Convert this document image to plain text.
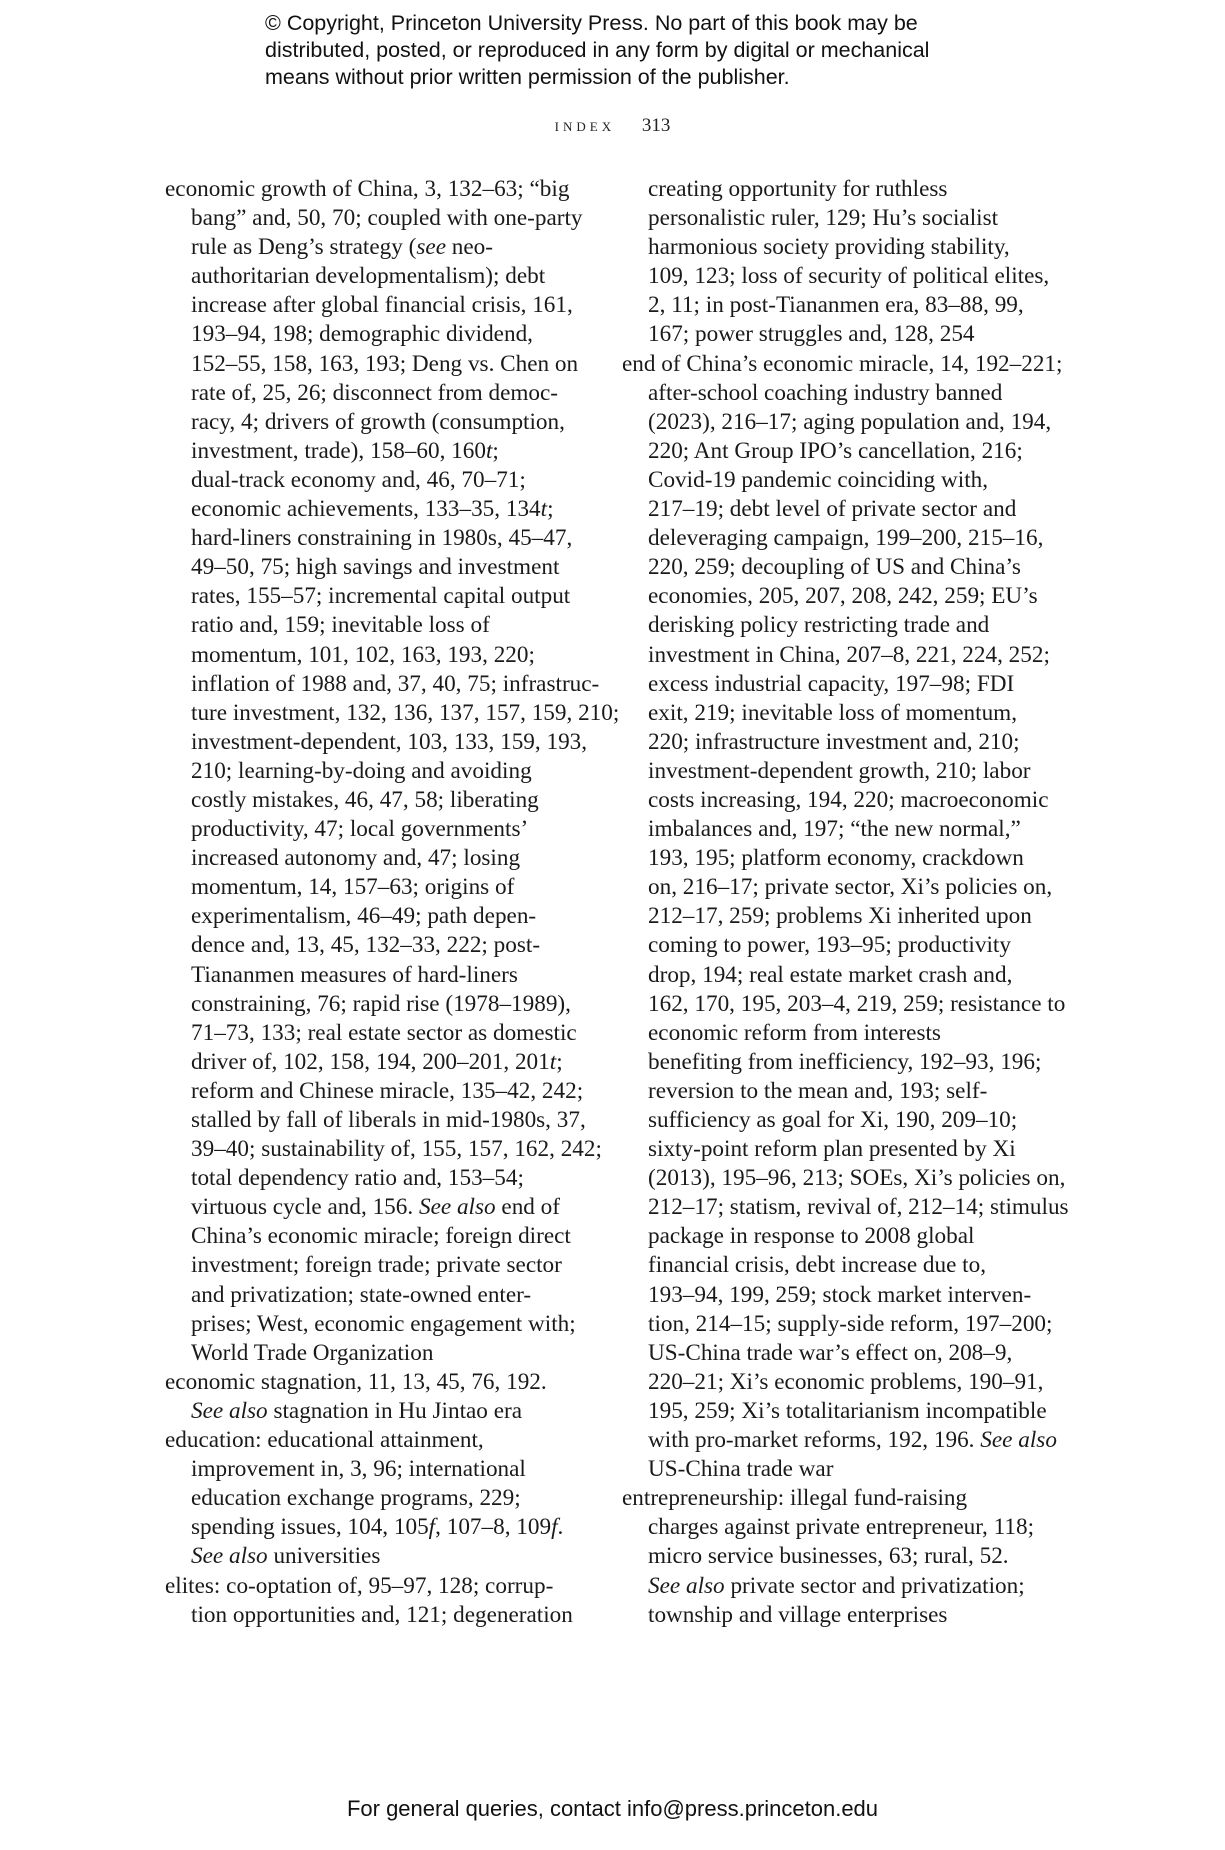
© Copyright, Princeton University Press. No part of this book may be
distributed, posted, or reproduced in any form by digital or mechanical
means without prior written permission of the publisher.
index 313
economic growth of China, 3, 132–63; “big
bang” and, 50, 70; coupled with one-party
rule as Deng’s strategy (see neo-
authoritarian developmentalism); debt
increase after global financial crisis, 161,
193–94, 198; demographic dividend,
152–55, 158, 163, 193; Deng vs. Chen on
rate of, 25, 26; disconnect from democ-
racy, 4; drivers of growth (consumption,
investment, trade), 158–60, 160t;
dual-track economy and, 46, 70–71;
economic achievements, 133–35, 134t;
hard-liners constraining in 1980s, 45–47,
49–50, 75; high savings and investment
rates, 155–57; incremental capital output
ratio and, 159; inevitable loss of
momentum, 101, 102, 163, 193, 220;
inflation of 1988 and, 37, 40, 75; infrastruc-
ture investment, 132, 136, 137, 157, 159, 210;
investment-dependent, 103, 133, 159, 193,
210; learning-by-doing and avoiding
costly mistakes, 46, 47, 58; liberating
productivity, 47; local governments’
increased autonomy and, 47; losing
momentum, 14, 157–63; origins of
experimentalism, 46–49; path depen-
dence and, 13, 45, 132–33, 222; post-
Tiananmen measures of hard-liners
constraining, 76; rapid rise (1978–1989),
71–73, 133; real estate sector as domestic
driver of, 102, 158, 194, 200–201, 201t;
reform and Chinese miracle, 135–42, 242;
stalled by fall of liberals in mid-1980s, 37,
39–40; sustainability of, 155, 157, 162, 242;
total dependency ratio and, 153–54;
virtuous cycle and, 156. See also end of
China’s economic miracle; foreign direct
investment; foreign trade; private sector
and privatization; state-owned enter-
prises; West, economic engagement with;
World Trade Organization
economic stagnation, 11, 13, 45, 76, 192.
See also stagnation in Hu Jintao era
education: educational attainment,
improvement in, 3, 96; international
education exchange programs, 229;
spending issues, 104, 105f, 107–8, 109f.
See also universities
elites: co-optation of, 95–97, 128; corrup-
tion opportunities and, 121; degeneration
creating opportunity for ruthless
personalistic ruler, 129; Hu’s socialist
harmonious society providing stability,
109, 123; loss of security of political elites,
2, 11; in post-Tiananmen era, 83–88, 99,
167; power struggles and, 128, 254
end of China’s economic miracle, 14, 192–221;
after-school coaching industry banned
(2023), 216–17; aging population and, 194,
220; Ant Group IPO’s cancellation, 216;
Covid-19 pandemic coinciding with,
217–19; debt level of private sector and
deleveraging campaign, 199–200, 215–16,
220, 259; decoupling of US and China’s
economies, 205, 207, 208, 242, 259; EU’s
derisking policy restricting trade and
investment in China, 207–8, 221, 224, 252;
excess industrial capacity, 197–98; FDI
exit, 219; inevitable loss of momentum,
220; infrastructure investment and, 210;
investment-dependent growth, 210; labor
costs increasing, 194, 220; macroeconomic
imbalances and, 197; “the new normal,”
193, 195; platform economy, crackdown
on, 216–17; private sector, Xi’s policies on,
212–17, 259; problems Xi inherited upon
coming to power, 193–95; productivity
drop, 194; real estate market crash and,
162, 170, 195, 203–4, 219, 259; resistance to
economic reform from interests
benefiting from inefficiency, 192–93, 196;
reversion to the mean and, 193; self-
sufficiency as goal for Xi, 190, 209–10;
sixty-point reform plan presented by Xi
(2013), 195–96, 213; SOEs, Xi’s policies on,
212–17; statism, revival of, 212–14; stimulus
package in response to 2008 global
financial crisis, debt increase due to,
193–94, 199, 259; stock market interven-
tion, 214–15; supply-side reform, 197–200;
US-China trade war’s effect on, 208–9,
220–21; Xi’s economic problems, 190–91,
195, 259; Xi’s totalitarianism incompatible
with pro-market reforms, 192, 196. See also
US-China trade war
entrepreneurship: illegal fund-raising
charges against private entrepreneur, 118;
micro service businesses, 63; rural, 52.
See also private sector and privatization;
township and village enterprises
For general queries, contact info@press.princeton.edu
